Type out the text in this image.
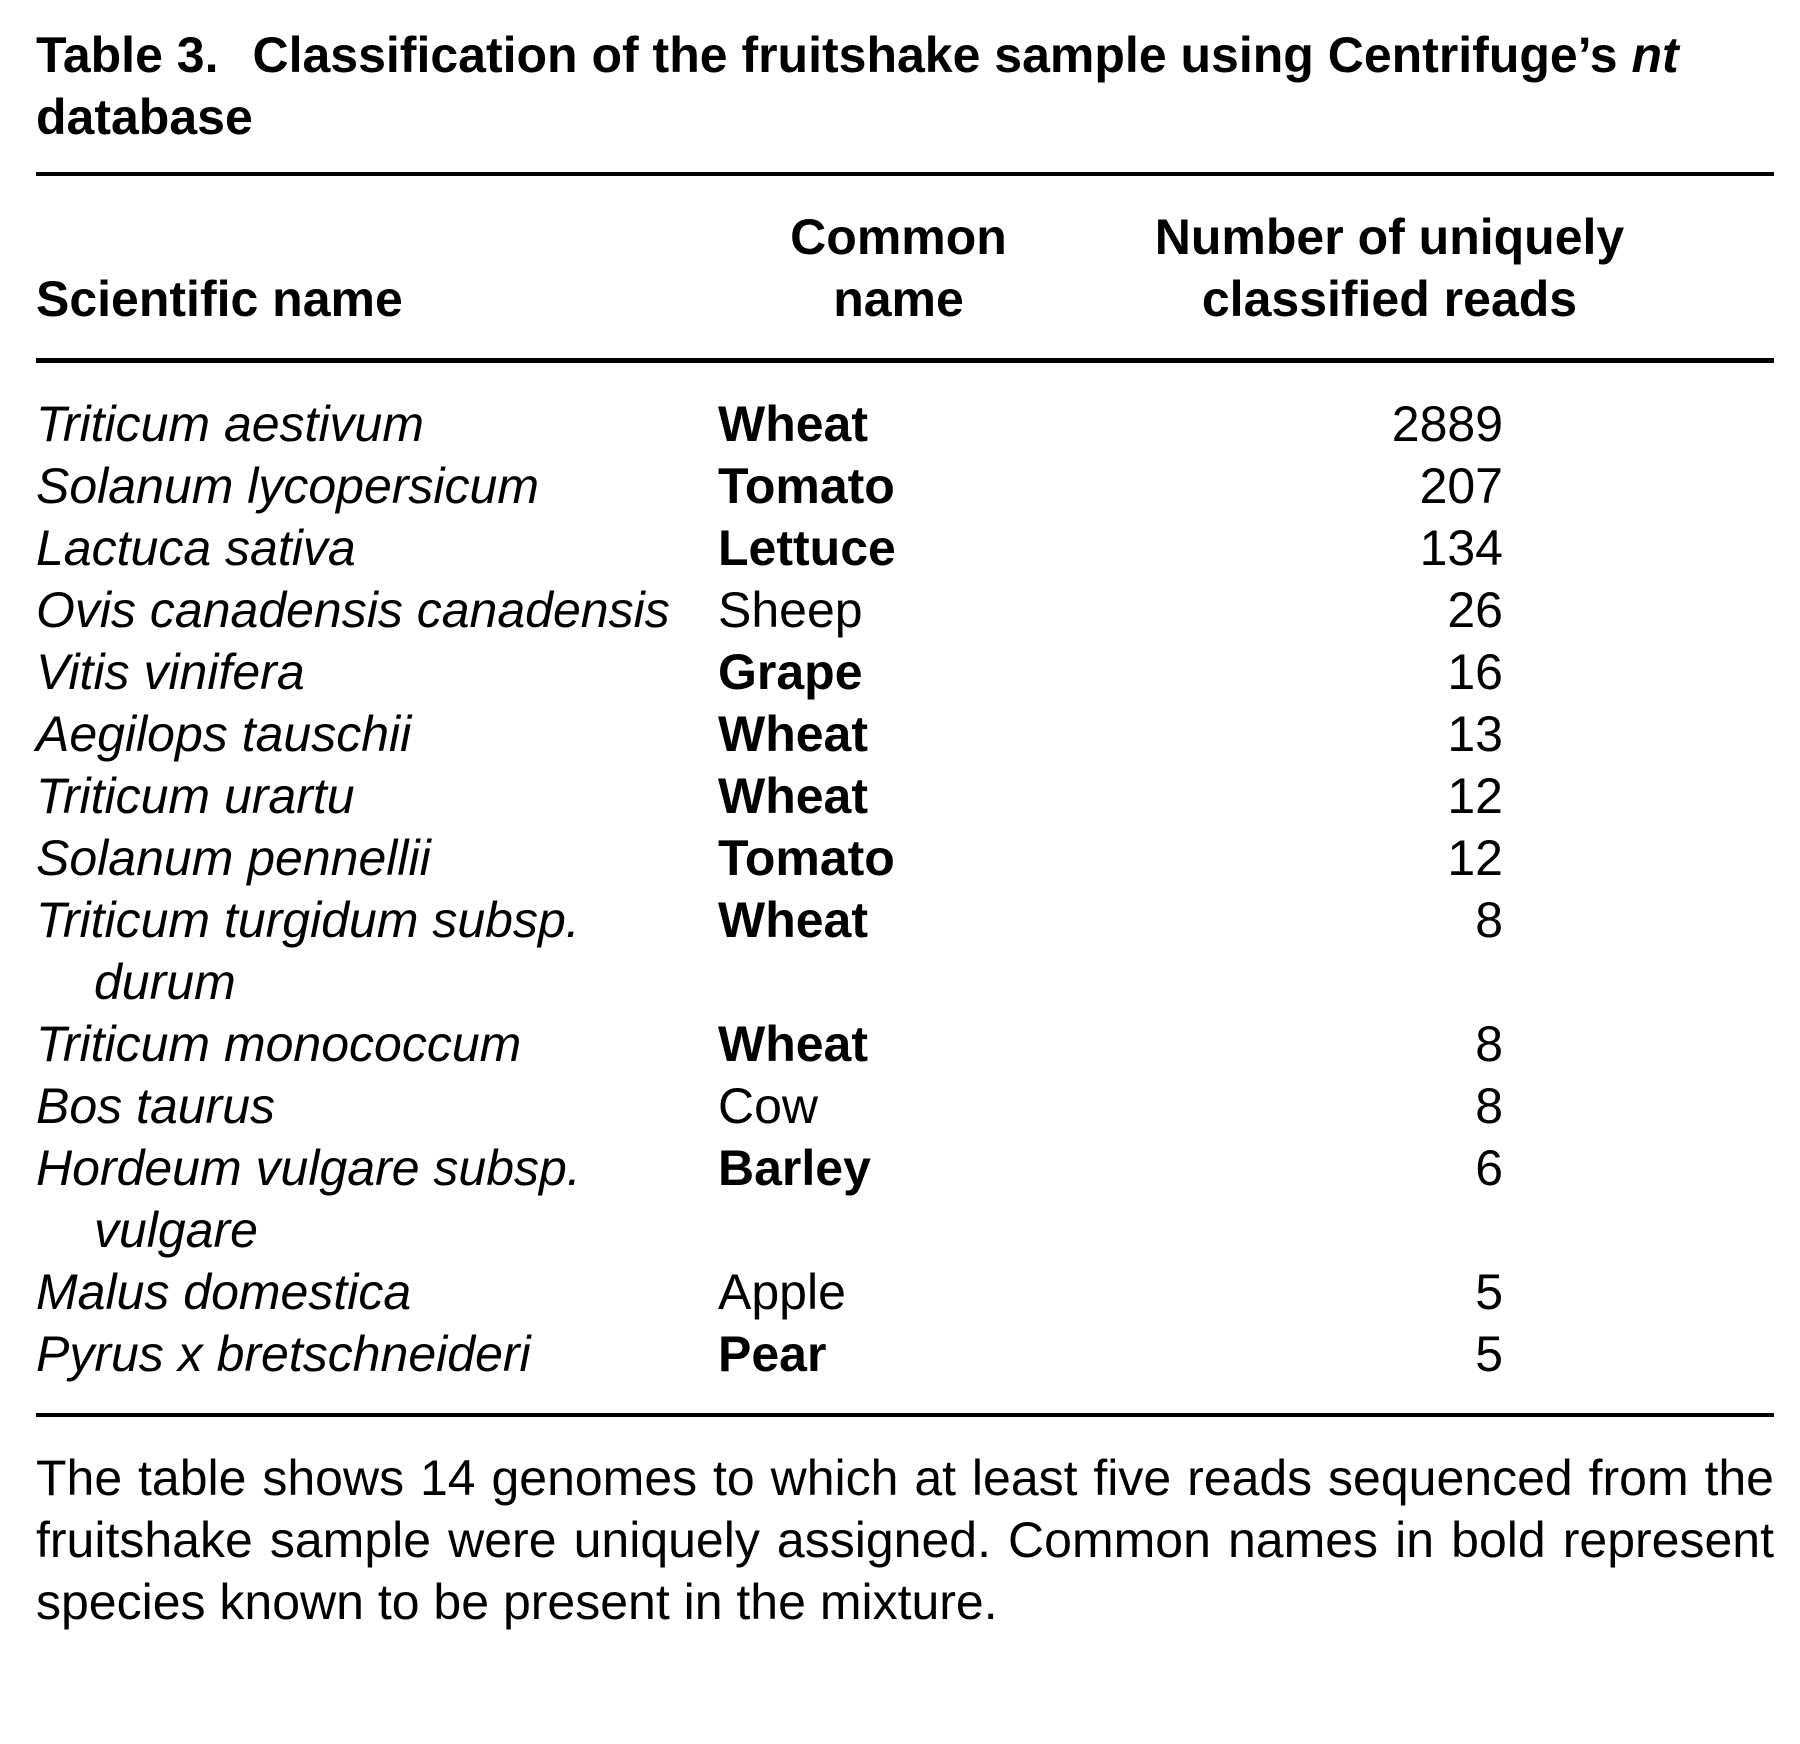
Table 3. Classification of the fruitshake sample using Centrifuge’s nt
database

Scientific name	Common name	Number of uniquely classified reads	

Triticum aestivum	Wheat	2889	

Solanum lycopersicum	Tomato	207	

Lactuca sativa	Lettuce	134	

Ovis canadensis canadensis	Sheep	26	

Vitis vinifera	Grape	16	

Aegilops tauschii	Wheat	13	

Triticum urartu	Wheat	12	

Solanum pennellii	Tomato	12	

Triticum turgidum subsp. durum	Wheat	8	

Triticum monococcum	Wheat	8	

Bos taurus	Cow	8	

Hordeum vulgare subsp. vulgare	Barley	6	

Malus domestica	Apple	5	

Pyrus x bretschneideri	Pear	5	

The table shows 14 genomes to which at least five reads sequenced from the fruitshake sample were uniquely assigned. Common names in bold represent species known to be present in the mixture.
